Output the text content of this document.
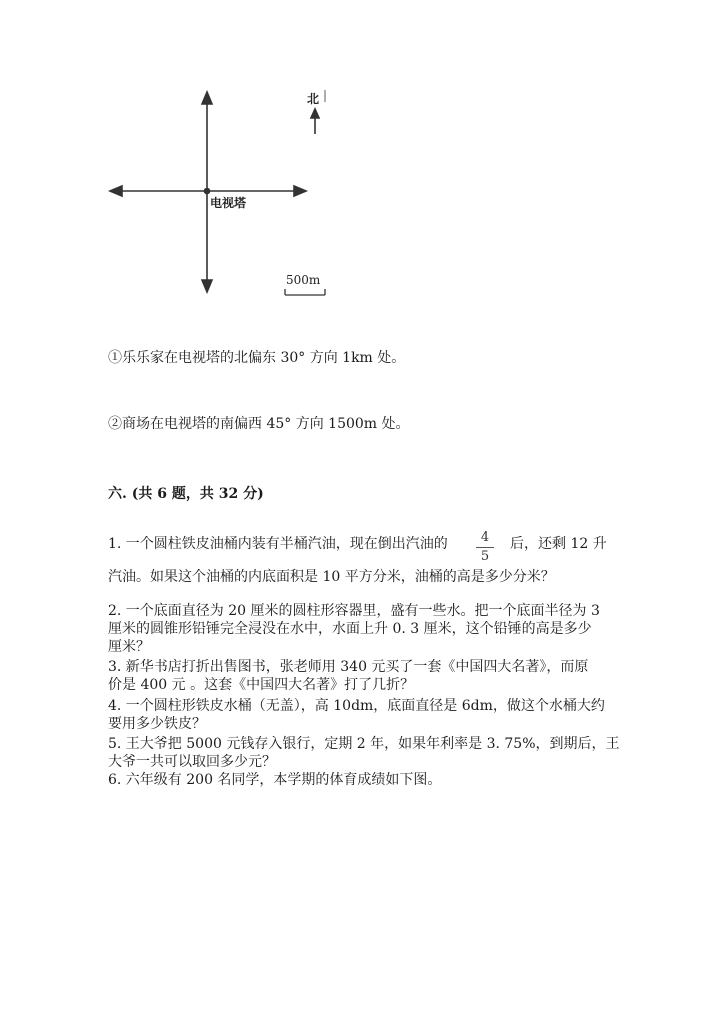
电视塔
北
500m
①乐乐家在电视塔的北偏东 30° 方向 1km 处。
②商场在电视塔的南偏西 45° 方向 1500m 处。
六. (共 6 题，共 32 分)
1. 一个圆柱铁皮油桶内装有半桶汽油，现在倒出汽油的 $\frac{4}{5}$ 后，还剩 12 升
汽油。如果这个油桶的内底面积是 10 平方分米，油桶的高是多少分米？
2. 一个底面直径为 20 厘米的圆柱形容器里，盛有一些水。把一个底面半径为 3
厘米的圆锥形铅锤完全浸没在水中，水面上升 0. 3 厘米，这个铅锤的高是多少
厘米？
3. 新华书店打折出售图书，张老师用 340 元买了一套《中国四大名著》，而原
价是 400 元 。这套《中国四大名著》打了几折？
4. 一个圆柱形铁皮水桶（无盖），高 10dm，底面直径是 6dm，做这个水桶大约
要用多少铁皮？
5. 王大爷把 5000 元钱存入银行，定期 2 年，如果年利率是 3. 75%，到期后，王
大爷一共可以取回多少元？
6. 六年级有 200 名同学，本学期的体育成绩如下图。
